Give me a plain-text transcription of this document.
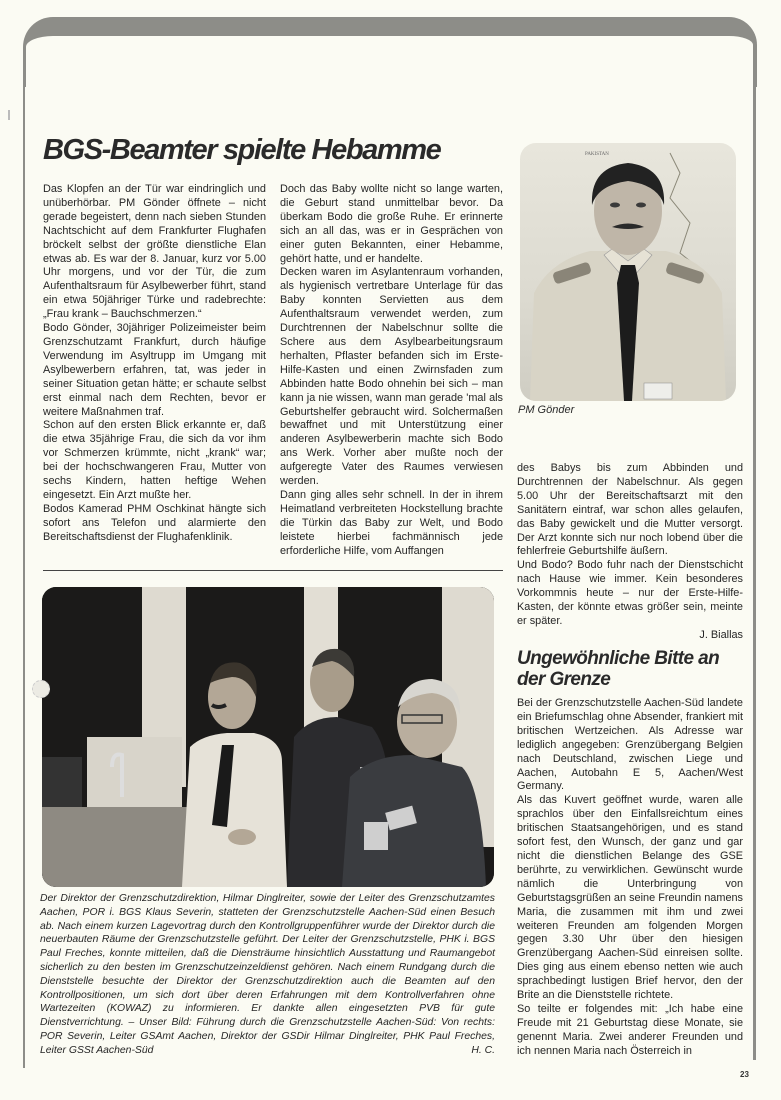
BGS-Beamter spielte Hebamme

Das Klopfen an der Tür war eindringlich und unüberhörbar. PM Gönder öffnete – nicht gerade begeistert, denn nach sieben Stunden Nachtschicht auf dem Frankfurter Flughafen bröckelt selbst der größte dienstliche Elan etwas ab. Es war der 8. Januar, kurz vor 5.00 Uhr morgens, und vor der Tür, die zum Aufenthaltsraum für Asylbewerber führt, stand ein etwa 50jähriger Türke und radebrechte: „Frau krank – Bauchschmerzen.“

Bodo Gönder, 30jähriger Polizeimeister beim Grenzschutzamt Frankfurt, durch häufige Verwendung im Asyltrupp im Umgang mit Asylbewerbern erfahren, tat, was jeder in seiner Situation getan hätte; er schaute selbst erst einmal nach dem Rechten, bevor er weitere Maßnahmen traf.

Schon auf den ersten Blick erkannte er, daß die etwa 35jährige Frau, die sich da vor ihm vor Schmerzen krümmte, nicht „krank“ war; bei der hochschwangeren Frau, Mutter von sechs Kindern, hatten heftige Wehen eingesetzt. Ein Arzt mußte her.

Bodos Kamerad PHM Oschkinat hängte sich sofort ans Telefon und alarmierte den Bereitschaftsdienst der Flughafenklinik.

Doch das Baby wollte nicht so lange warten, die Geburt stand unmittelbar bevor. Da überkam Bodo die große Ruhe. Er erinnerte sich an all das, was er in Gesprächen von einer guten Bekannten, einer Hebamme, gehört hatte, und er handelte.

Decken waren im Asylantenraum vorhanden, als hygienisch vertretbare Unterlage für das Baby konnten Servietten aus dem Aufenthaltsraum verwendet werden, zum Durchtrennen der Nabelschnur sollte die Schere aus dem Asylbearbeitungsraum herhalten, Pflaster befanden sich im Erste-Hilfe-Kasten und einen Zwirnsfaden zum Abbinden hatte Bodo ohnehin bei sich – man kann ja nie wissen, wann man gerade 'mal als Geburtshelfer gebraucht wird. Solchermaßen bewaffnet und mit Unterstützung einer anderen Asylbewerberin machte sich Bodo ans Werk. Vorher aber mußte noch der aufgeregte Vater des Raumes verwiesen werden.

Dann ging alles sehr schnell. In der in ihrem Heimatland verbreiteten Hockstellung brachte die Türkin das Baby zur Welt, und Bodo leistete hierbei fachmännisch jede erforderliche Hilfe, vom Auffangen

PAKISTAN
PM Gönder

des Babys bis zum Abbinden und Durchtrennen der Nabelschnur. Als gegen 5.00 Uhr der Bereitschaftsarzt mit den Sanitätern eintraf, war schon alles gelaufen, das Baby gewickelt und die Mutter versorgt. Der Arzt konnte sich nur noch lobend über die fehlerfreie Geburtshilfe äußern.

Und Bodo? Bodo fuhr nach der Dienstschicht nach Hause wie immer. Kein besonderes Vorkommnis heute – nur der Erste-Hilfe-Kasten, der könnte etwas größer sein, meinte er später.

J. Biallas

Ungewöhnliche Bitte an der Grenze

Bei der Grenzschutzstelle Aachen-Süd landete ein Briefumschlag ohne Absender, frankiert mit britischen Wertzeichen. Als Adresse war lediglich angegeben: Grenzübergang Belgien nach Deutschland, zwischen Liege und Aachen, Autobahn E 5, Aachen/West Germany.

Als das Kuvert geöffnet wurde, waren alle sprachlos über den Einfallsreichtum eines britischen Staatsangehörigen, und es stand sofort fest, den Wunsch, der ganz und gar nicht die dienstlichen Belange des GSE berührte, zu verwirklichen. Gewünscht wurde nämlich die Unterbringung von Geburtstagsgrüßen an seine Freundin namens Maria, die zusammen mit ihm und zwei weiteren Freunden am folgenden Morgen gegen 3.30 Uhr über den hiesigen Grenzübergang Aachen-Süd einreisen sollte. Dies ging aus einem ebenso netten wie auch sprachbedingt lustigen Brief hervor, den der Brite an die Dienststelle richtete.

So teilte er folgendes mit: „Ich habe eine Freude mit 21 Geburtstag diese Monate, sie genennt Maria. Zwei anderer Freunden und ich nennen Maria nach Österreich in

Der Direktor der Grenzschutzdirektion, Hilmar Dinglreiter, sowie der Leiter des Grenzschutzamtes Aachen, POR i. BGS Klaus Severin, statteten der Grenzschutzstelle Aachen-Süd einen Besuch ab. Nach einem kurzen Lagevortrag durch den Kontrollgruppenführer wurde der Direktor durch die neuerbauten Räume der Grenzschutzstelle geführt. Der Leiter der Grenzschutzstelle, PHK i. BGS Paul Freches, konnte mitteilen, daß die Diensträume hinsichtlich Ausstattung und Raumangebot sicherlich zu den besten im Grenzschutzeinzeldienst gehören. Nach einem Rundgang durch die Dienststelle besuchte der Direktor der Grenzschutzdirektion auch die Beamten auf den Kontrollpositionen, um sich dort über deren Erfahrungen mit dem Kontrollverfahren ohne Wartezeiten (KOWAZ) zu informieren. Er dankte allen eingesetzten PVB für gute Dienstverrichtung. – Unser Bild: Führung durch die Grenzschutzstelle Aachen-Süd: Von rechts: POR Severin, Leiter GSAmt Aachen, Direktor der GSDir Hilmar Dinglreiter, PHK Paul Freches, Leiter GSSt Aachen-Süd	H. C.
23
